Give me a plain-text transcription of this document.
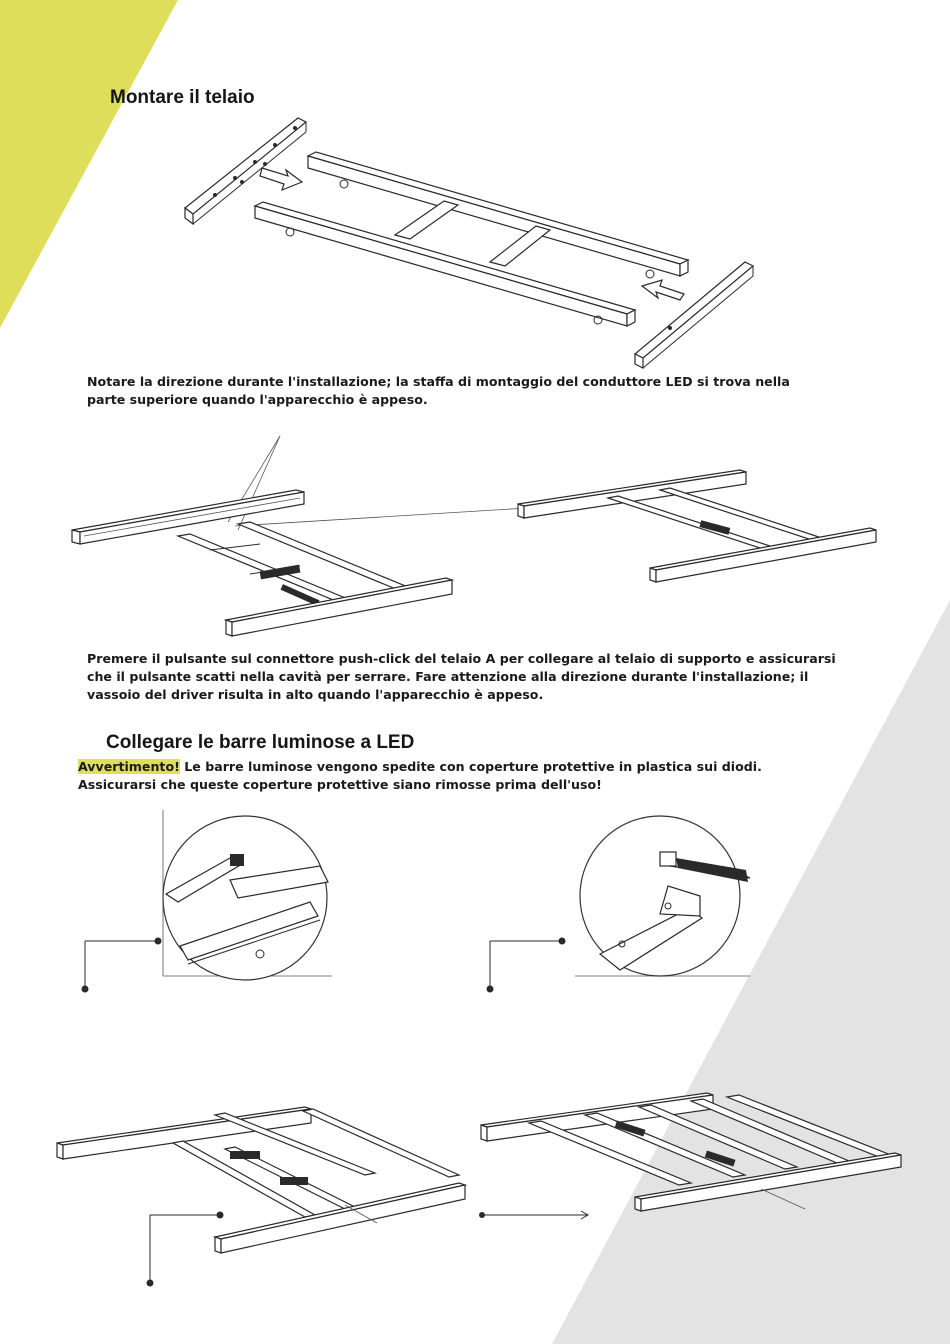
Montare il telaio

Notare la direzione durante l'installazione; la staffa di montaggio del conduttore LED si trova nella parte superiore quando l'apparecchio è appeso.

Premere il pulsante sul connettore push-click del telaio A per collegare al telaio di supporto e assicurarsi che il pulsante scatti nella cavità per serrare. Fare attenzione alla direzione durante l'installazione; il vassoio del driver risulta in alto quando l'apparecchio è appeso.

Collegare le barre luminose a LED

Avvertimento! Le barre luminose vengono spedite con coperture protettive in plastica sui diodi.
Assicurarsi che queste coperture protettive siano rimosse prima dell'uso!
